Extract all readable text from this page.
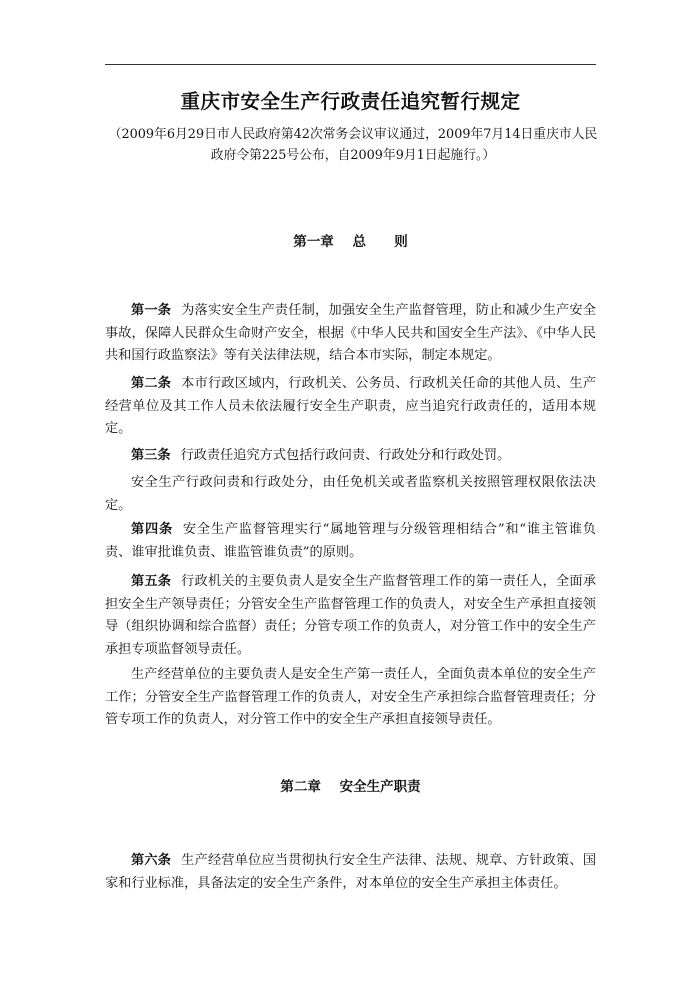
重庆市安全生产行政责任追究暂行规定
（2009年6月29日市人民政府第42次常务会议审议通过，2009年7月14日重庆市人民政府令第225号公布，自2009年9月1日起施行。）
第一章    总      则

第一条 为落实安全生产责任制，加强安全生产监督管理，防止和减少生产安全事故，保障人民群众生命财产安全，根据《中华人民共和国安全生产法》、《中华人民共和国行政监察法》等有关法律法规，结合本市实际，制定本规定。

第二条 本市行政区域内，行政机关、公务员、行政机关任命的其他人员、生产经营单位及其工作人员未依法履行安全生产职责，应当追究行政责任的，适用本规定。

第三条 行政责任追究方式包括行政问责、行政处分和行政处罚。

安全生产行政问责和行政处分，由任免机关或者监察机关按照管理权限依法决定。

第四条 安全生产监督管理实行“属地管理与分级管理相结合”和“谁主管谁负责、谁审批谁负责、谁监管谁负责”的原则。

第五条 行政机关的主要负责人是安全生产监督管理工作的第一责任人，全面承担安全生产领导责任；分管安全生产监督管理工作的负责人，对安全生产承担直接领导（组织协调和综合监督）责任；分管专项工作的负责人，对分管工作中的安全生产承担专项监督领导责任。

生产经营单位的主要负责人是安全生产第一责任人，全面负责本单位的安全生产工作；分管安全生产监督管理工作的负责人，对安全生产承担综合监督管理责任；分管专项工作的负责人，对分管工作中的安全生产承担直接领导责任。

第二章    安全生产职责

第六条 生产经营单位应当贯彻执行安全生产法律、法规、规章、方针政策、国家和行业标准，具备法定的安全生产条件，对本单位的安全生产承担主体责任。
